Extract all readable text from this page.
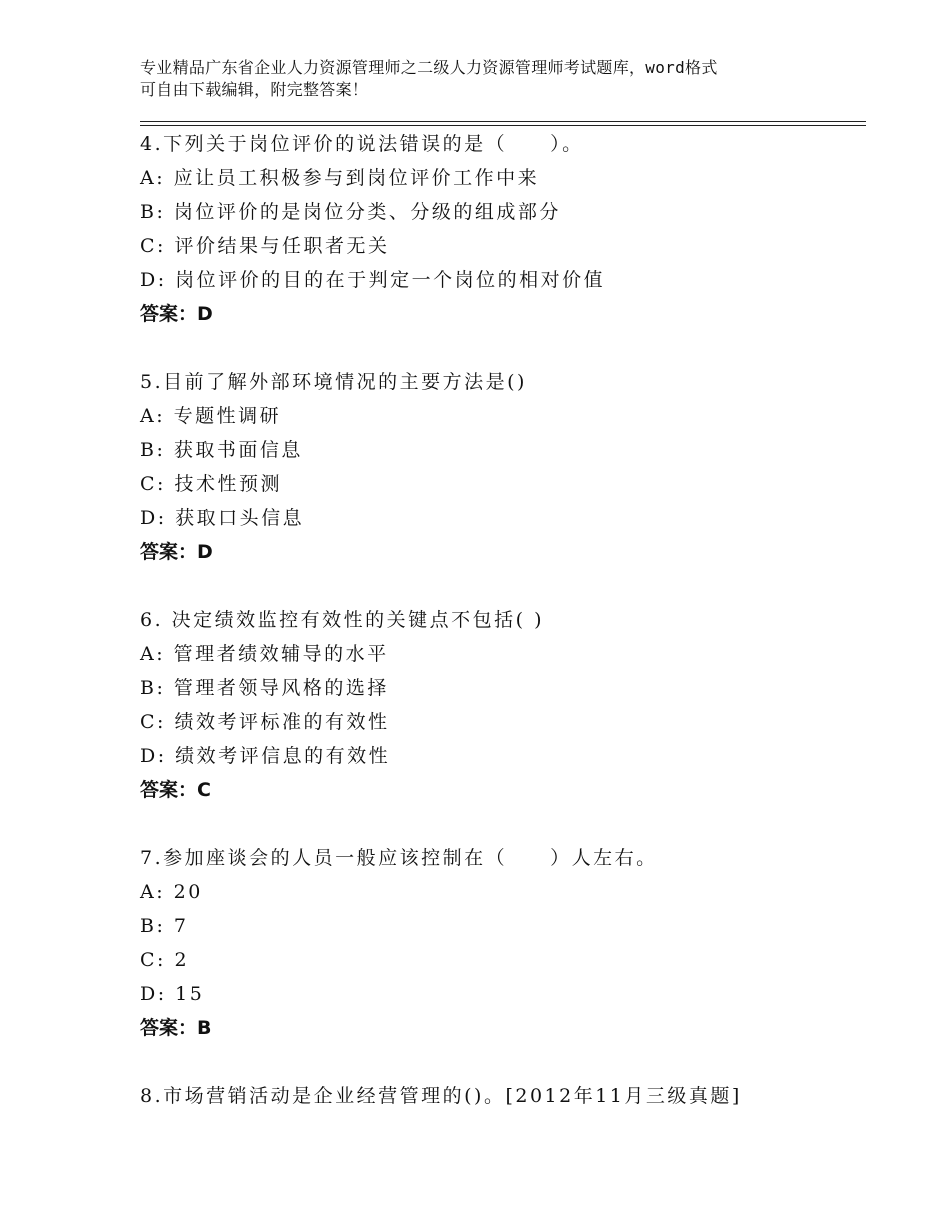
专业精品广东省企业人力资源管理师之二级人力资源管理师考试题库，word格式
可自由下载编辑，附完整答案！
4.下列关于岗位评价的说法错误的是（　　）。
A: 应让员工积极参与到岗位评价工作中来
B: 岗位评价的是岗位分类、分级的组成部分
C: 评价结果与任职者无关
D: 岗位评价的目的在于判定一个岗位的相对价值
答案：D
5.目前了解外部环境情况的主要方法是()
A: 专题性调研
B: 获取书面信息
C: 技术性预测
D: 获取口头信息
答案：D
6. 决定绩效监控有效性的关键点不包括( )
A: 管理者绩效辅导的水平
B: 管理者领导风格的选择
C: 绩效考评标准的有效性
D: 绩效考评信息的有效性
答案：C
7.参加座谈会的人员一般应该控制在（　　）人左右。
A: 20
B: 7
C: 2
D: 15
答案：B
8.市场营销活动是企业经营管理的()。[2012年11月三级真题]
